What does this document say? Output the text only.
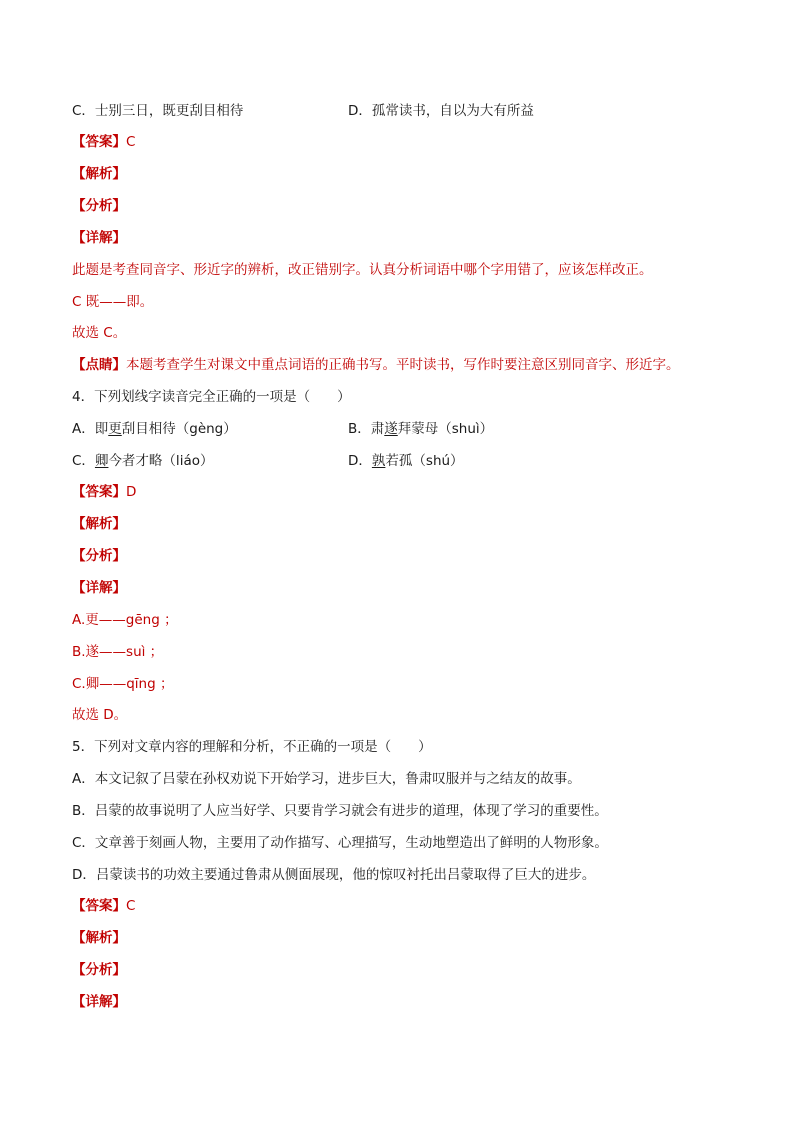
C．士别三日，既更刮目相待	D．孤常读书，自以为大有所益
【答案】C
【解析】
【分析】
【详解】
此题是考查同音字、形近字的辨析，改正错别字。认真分析词语中哪个字用错了，应该怎样改正。
C 既——即。
故选 C。
【点睛】本题考查学生对课文中重点词语的正确书写。平时读书，写作时要注意区别同音字、形近字。
4．下列划线字读音完全正确的一项是（　　）
A．即更刮目相待（gèng）	B．肃遂拜蒙母（shuì）
C．卿今者才略（liáo）	D．孰若孤（shú）
【答案】D
【解析】
【分析】
【详解】
A.更——gēng ；
B.遂——suì ；
C.卿——qīng ；
故选 D。
5．下列对文章内容的理解和分析，不正确的一项是（　　）
A．本文记叙了吕蒙在孙权劝说下开始学习，进步巨大，鲁肃叹服并与之结友的故事。
B．吕蒙的故事说明了人应当好学、只要肯学习就会有进步的道理，体现了学习的重要性。
C．文章善于刻画人物，主要用了动作描写、心理描写，生动地塑造出了鲜明的人物形象。
D．吕蒙读书的功效主要通过鲁肃从侧面展现，他的惊叹衬托出吕蒙取得了巨大的进步。
【答案】C
【解析】
【分析】
【详解】
